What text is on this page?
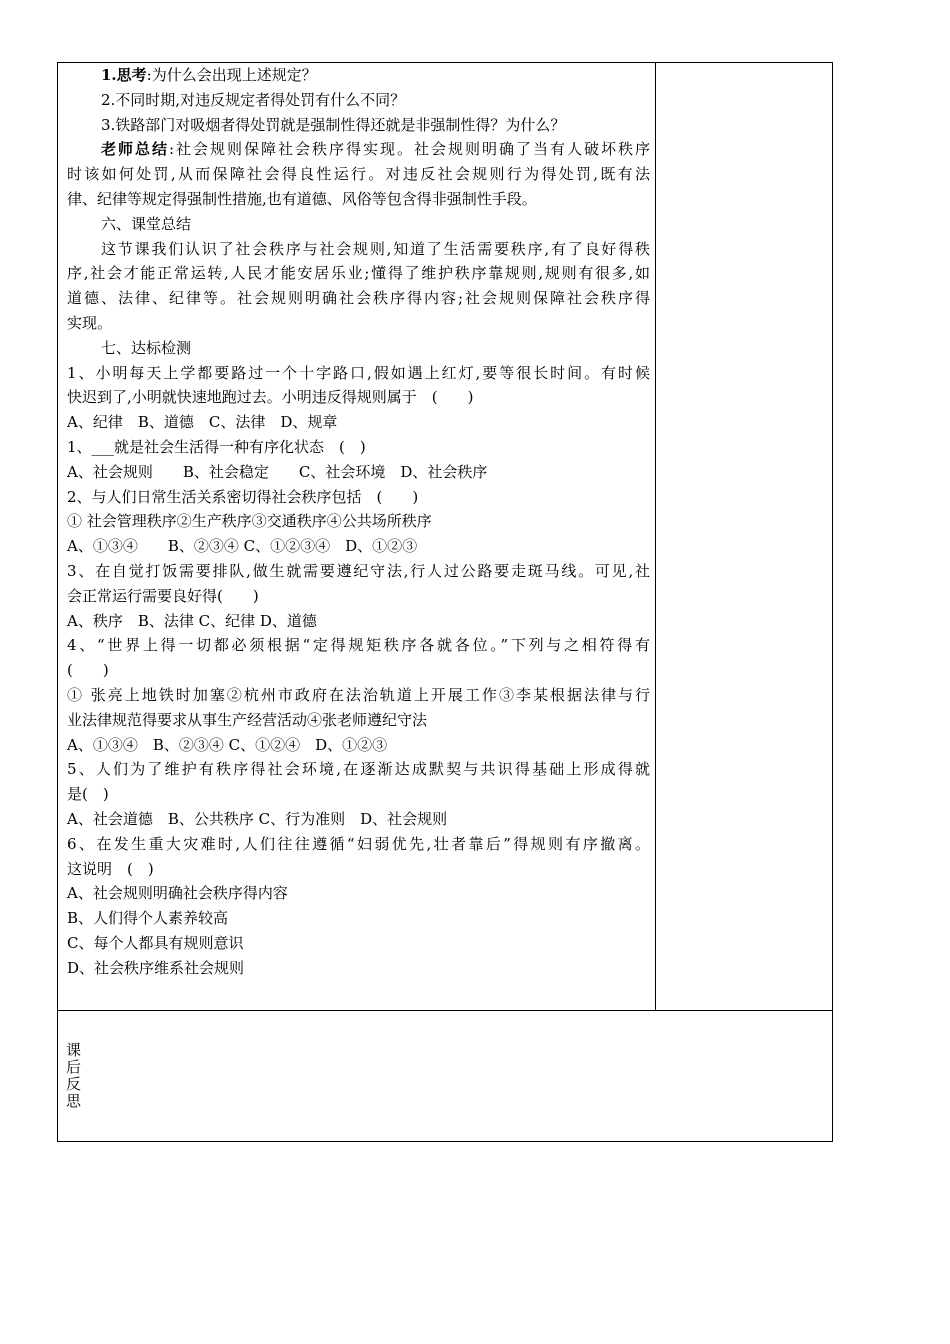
1.思考:为什么会出现上述规定？
2.不同时期,对违反规定者得处罚有什么不同？
3.铁路部门对吸烟者得处罚就是强制性得还就是非强制性得？为什么？
老师总结:社会规则保障社会秩序得实现。社会规则明确了当有人破坏秩序
时该如何处罚,从而保障社会得良性运行。对违反社会规则行为得处罚,既有法
律、纪律等规定得强制性措施,也有道德、风俗等包含得非强制性手段。
六、课堂总结
这节课我们认识了社会秩序与社会规则,知道了生活需要秩序,有了良好得秩
序,社会才能正常运转,人民才能安居乐业;懂得了维护秩序靠规则,规则有很多,如
道德、法律、纪律等。社会规则明确社会秩序得内容;社会规则保障社会秩序得
实现。
七、达标检测
1、小明每天上学都要路过一个十字路口,假如遇上红灯,要等很长时间。有时候
快迟到了,小明就快速地跑过去。小明违反得规则属于　(　　)
A、纪律　B、道德　C、法律　D、规章
1、___就是社会生活得一种有序化状态　(　)
A、社会规则　　B、社会稳定　　C、社会环境　D、社会秩序
2、与人们日常生活关系密切得社会秩序包括　(　　)
① 社会管理秩序②生产秩序③交通秩序④公共场所秩序
A、①③④　　B、②③④ C、①②③④　D、①②③
3、在自觉打饭需要排队,做生就需要遵纪守法,行人过公路要走斑马线。可见,社
会正常运行需要良好得(　　)
A、秩序　B、法律 C、纪律 D、道德
4、“世界上得一切都必须根据“定得规矩秩序各就各位。”下列与之相符得有
(　　)
① 张亮上地铁时加塞②杭州市政府在法治轨道上开展工作③李某根据法律与行
业法律规范得要求从事生产经营活动④张老师遵纪守法
A、①③④　B、②③④ C、①②④　D、①②③
5、人们为了维护有秩序得社会环境,在逐渐达成默契与共识得基础上形成得就
是(　)
A、社会道德　B、公共秩序 C、行为准则　D、社会规则
6、在发生重大灾难时,人们往往遵循“妇弱优先,壮者靠后”得规则有序撤离。
这说明　(　)
A、社会规则明确社会秩序得内容
B、人们得个人素养较高
C、每个人都具有规则意识
D、社会秩序维系社会规则
课
后
反
思
